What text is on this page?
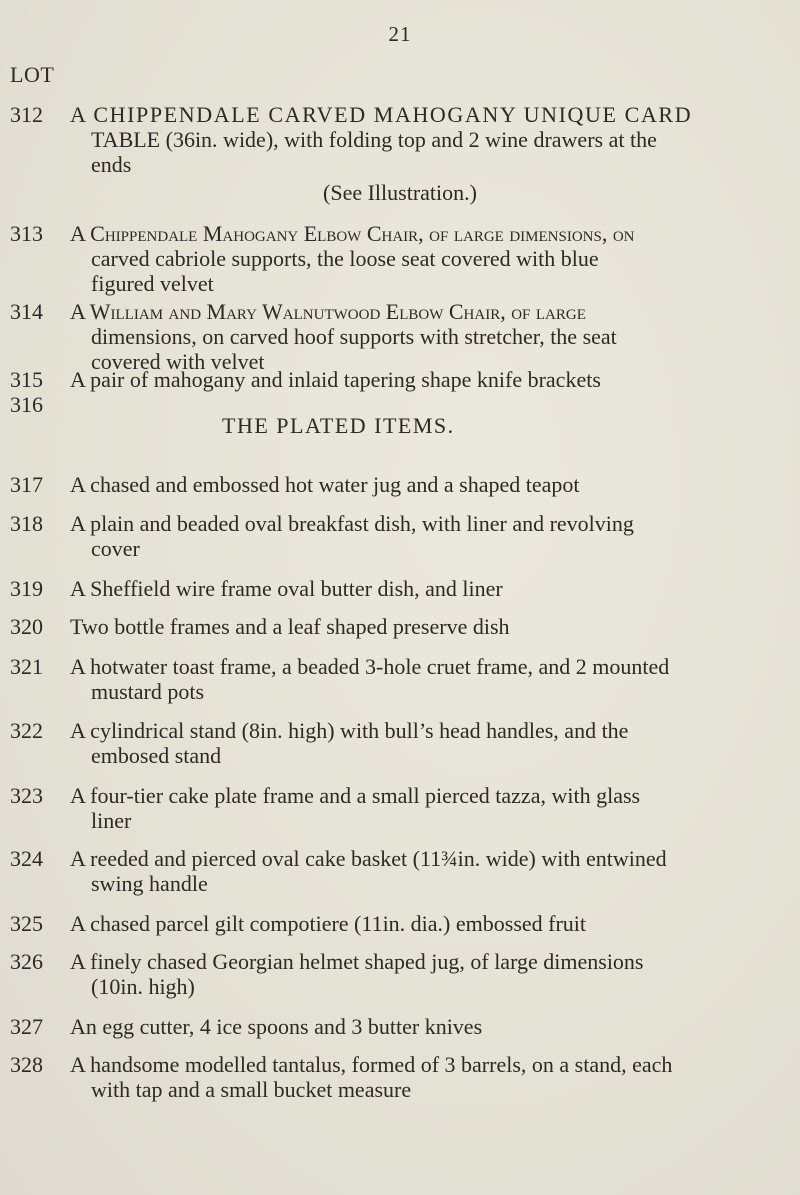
21
LOT
312	A CHIPPENDALE CARVED MAHOGANY UNIQUE CARD
TABLE (36in. wide), with folding top and 2 wine drawers at the
ends
(See Illustration.)
313	A Chippendale Mahogany Elbow Chair, of large dimensions, on
carved cabriole supports, the loose seat covered with blue
figured velvet
314	A William and Mary Walnutwood Elbow Chair, of large
dimensions, on carved hoof supports with stretcher, the seat
covered with velvet
315	A pair of mahogany and inlaid tapering shape knife brackets
316
THE PLATED ITEMS.
317	A chased and embossed hot water jug and a shaped teapot
318	A plain and beaded oval breakfast dish, with liner and revolving
cover
319	A Sheffield wire frame oval butter dish, and liner
320	Two bottle frames and a leaf shaped preserve dish
321	A hotwater toast frame, a beaded 3-hole cruet frame, and 2 mounted
mustard pots
322	A cylindrical stand (8in. high) with bull’s head handles, and the
embosed stand
323	A four-tier cake plate frame and a small pierced tazza, with glass
liner
324	A reeded and pierced oval cake basket (11¾in. wide) with entwined
swing handle
325	A chased parcel gilt compotiere (11in. dia.) embossed fruit
326	A finely chased Georgian helmet shaped jug, of large dimensions
(10in. high)
327	An egg cutter, 4 ice spoons and 3 butter knives
328	A handsome modelled tantalus, formed of 3 barrels, on a stand, each
with tap and a small bucket measure
